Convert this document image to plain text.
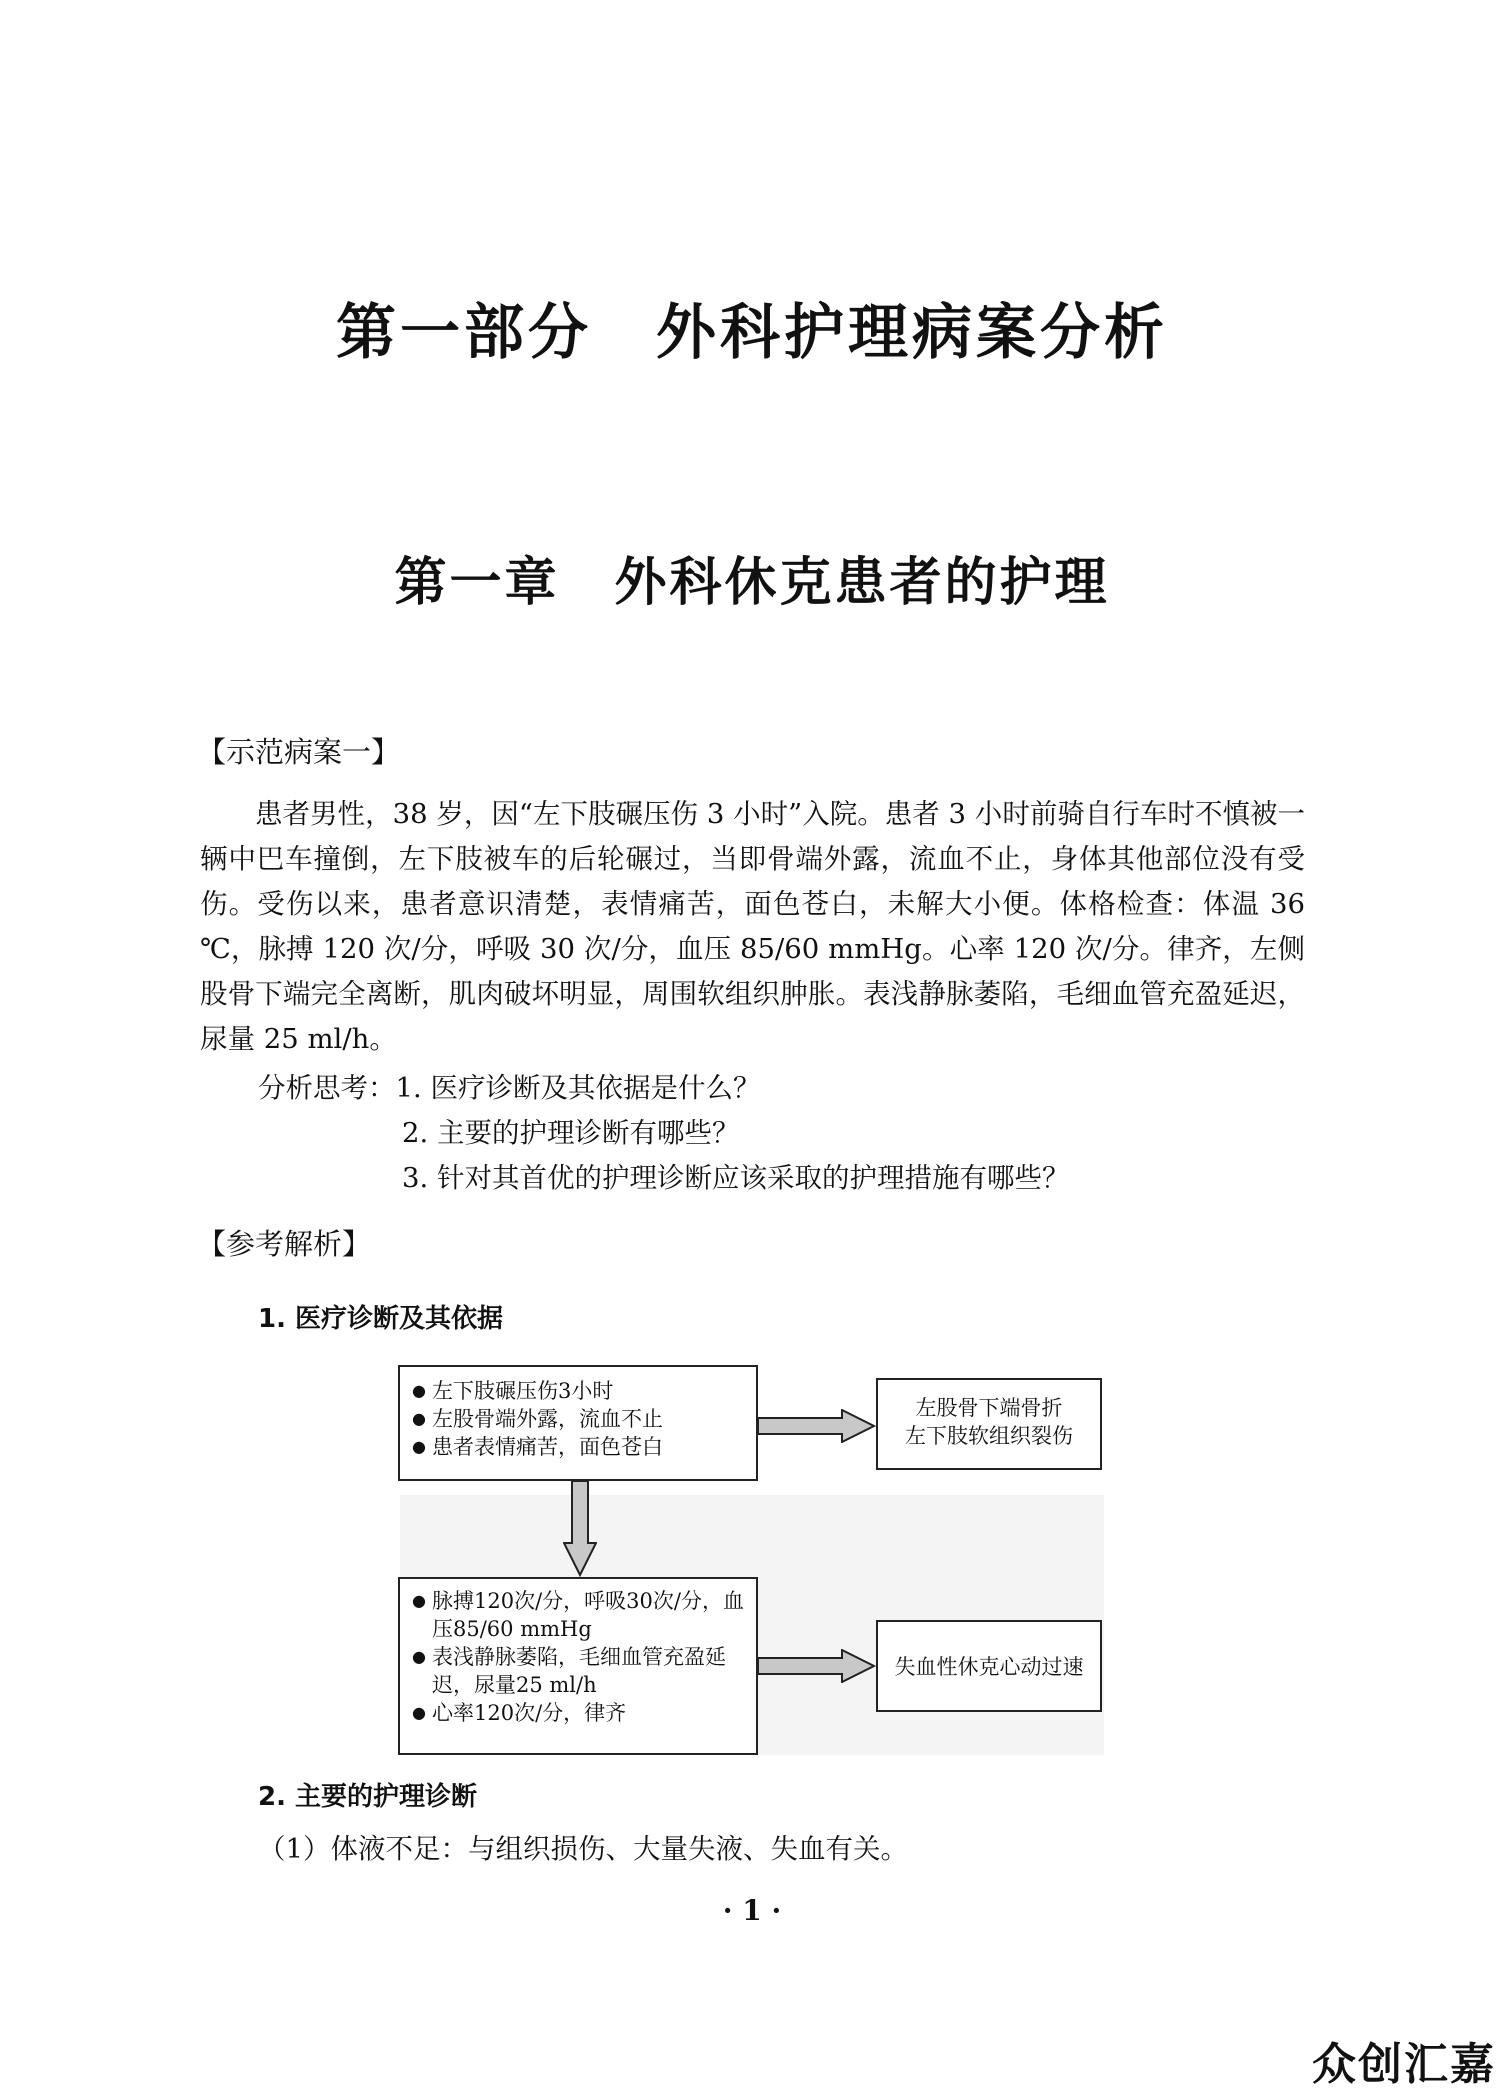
第一部分　外科护理病案分析
第一章　外科休克患者的护理
【示范病案一】

患者男性，38 岁，因“左下肢碾压伤 3 小时”入院。患者 3 小时前骑自行车时不慎被一辆中巴车撞倒，左下肢被车的后轮碾过，当即骨端外露，流血不止，身体其他部位没有受伤。受伤以来，患者意识清楚，表情痛苦，面色苍白，未解大小便。体格检查：体温 36 ℃，脉搏 120 次/分，呼吸 30 次/分，血压 85/60 mmHg。心率 120 次/分。律齐，左侧股骨下端完全离断，肌肉破坏明显，周围软组织肿胀。表浅静脉萎陷，毛细血管充盈延迟，尿量 25 ml/h。

分析思考：1. 医疗诊断及其依据是什么？
2. 主要的护理诊断有哪些？
3. 针对其首优的护理诊断应该采取的护理措施有哪些？
【参考解析】
1. 医疗诊断及其依据
● 左下肢碾压伤3小时
● 左股骨端外露，流血不止
● 患者表情痛苦，面色苍白
左股骨下端骨折
左下肢软组织裂伤
● 脉搏120次/分，呼吸30次/分，血压85/60 mmHg
● 表浅静脉萎陷，毛细血管充盈延迟，尿量25 ml/h
● 心率120次/分，律齐
失血性休克心动过速
2. 主要的护理诊断
（1）体液不足：与组织损伤、大量失液、失血有关。
· 1 ·
众创汇嘉
